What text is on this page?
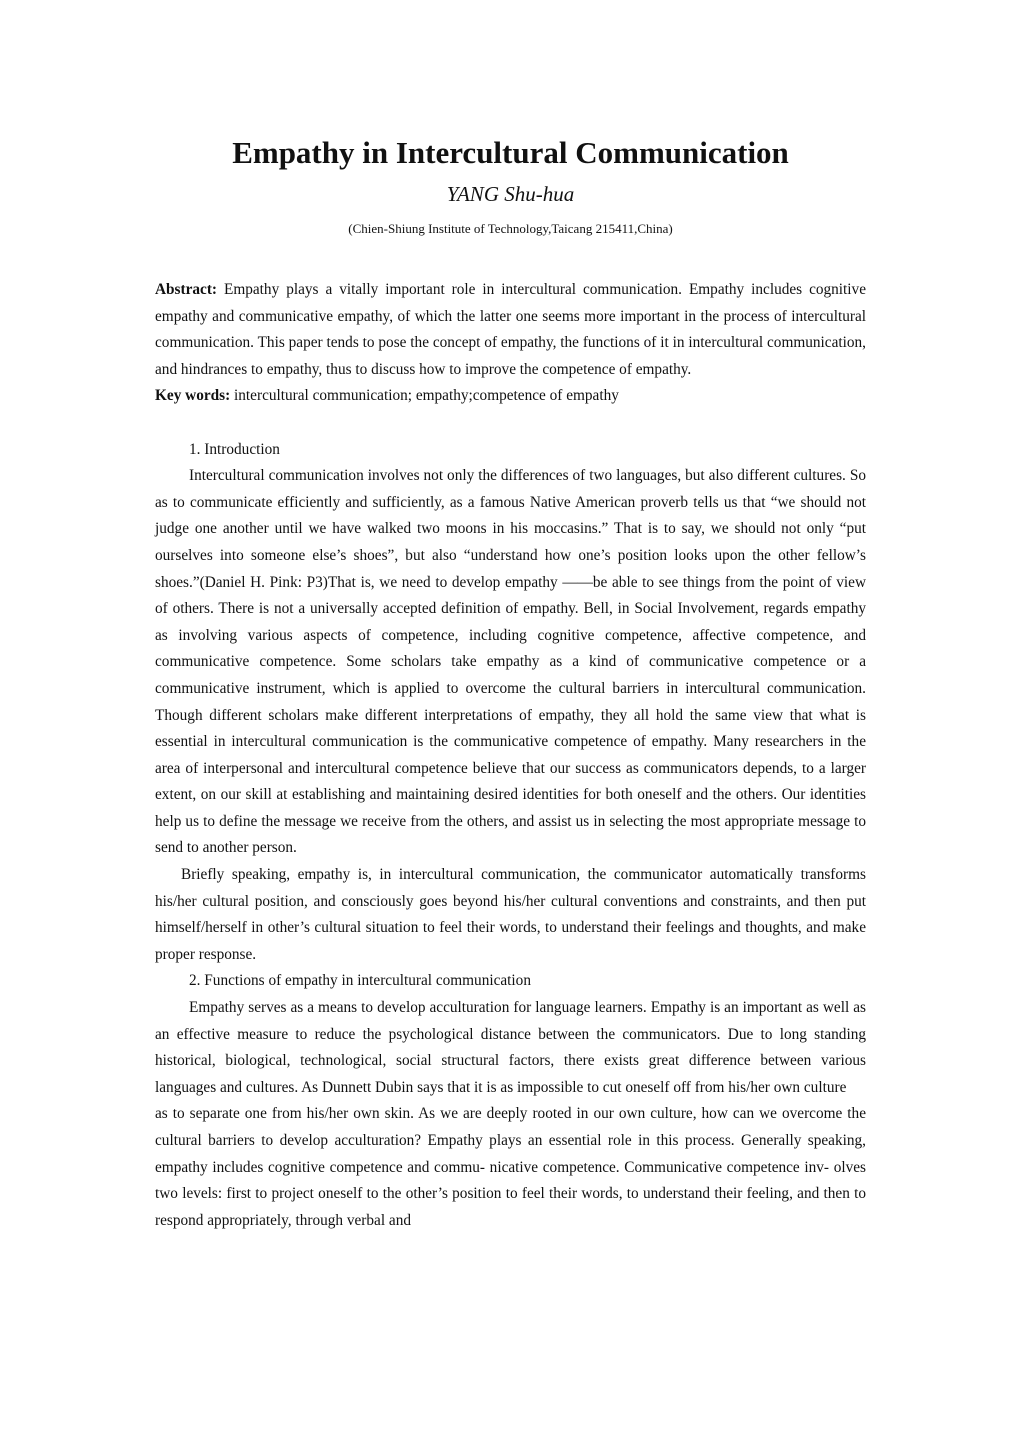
Empathy in Intercultural Communication
YANG Shu-hua
(Chien-Shiung Institute of Technology,Taicang 215411,China)

Abstract: Empathy plays a vitally important role in intercultural communication. Empathy includes cognitive empathy and communicative empathy, of which the latter one seems more important in the process of intercultural communication. This paper tends to pose the concept of empathy, the functions of it in intercultural communication, and hindrances to empathy, thus to discuss how to improve the competence of empathy.

Key words: intercultural communication; empathy;competence of empathy

1. Introduction

Intercultural communication involves not only the differences of two languages, but also different cultures. So as to communicate efficiently and sufficiently, as a famous Native American proverb tells us that “we should not judge one another until we have walked two moons in his moccasins.” That is to say, we should not only “put ourselves into someone else’s shoes”, but also “understand how one’s position looks upon the other fellow’s shoes.”(Daniel H. Pink: P3)That is, we need to develop empathy ——be able to see things from the point of view of others. There is not a universally accepted definition of empathy. Bell, in Social Involvement, regards empathy as involving various aspects of competence, including cognitive competence, affective competence, and communicative competence. Some scholars take empathy as a kind of communicative competence or a communicative instrument, which is applied to overcome the cultural barriers in intercultural communication. Though different scholars make different interpretations of empathy, they all hold the same view that what is essential in intercultural communication is the communicative competence of empathy. Many researchers in the area of interpersonal and intercultural competence believe that our success as communicators depends, to a larger extent, on our skill at establishing and maintaining desired identities for both oneself and the others. Our identities help us to define the message we receive from the others, and assist us in selecting the most appropriate message to send to another person.

Briefly speaking, empathy is, in intercultural communication, the communicator automatically transforms his/her cultural position, and consciously goes beyond his/her cultural conventions and constraints, and then put himself/herself in other’s cultural situation to feel their words, to understand their feelings and thoughts, and make proper response.

2. Functions of empathy in intercultural communication

Empathy serves as a means to develop acculturation for language learners. Empathy is an important as well as an effective measure to reduce the psychological distance between the communicators. Due to long standing historical, biological, technological, social structural factors, there exists great difference between various languages and cultures. As Dunnett Dubin says that it is as impossible to cut oneself off from his/her own culture

as to separate one from his/her own skin. As we are deeply rooted in our own culture, how can we overcome the cultural barriers to develop acculturation? Empathy plays an essential role in this process. Generally speaking, empathy includes cognitive competence and commu- nicative competence. Communicative competence inv- olves two levels: first to project oneself to the other’s position to feel their words, to understand their feeling, and then to respond appropriately, through verbal and
